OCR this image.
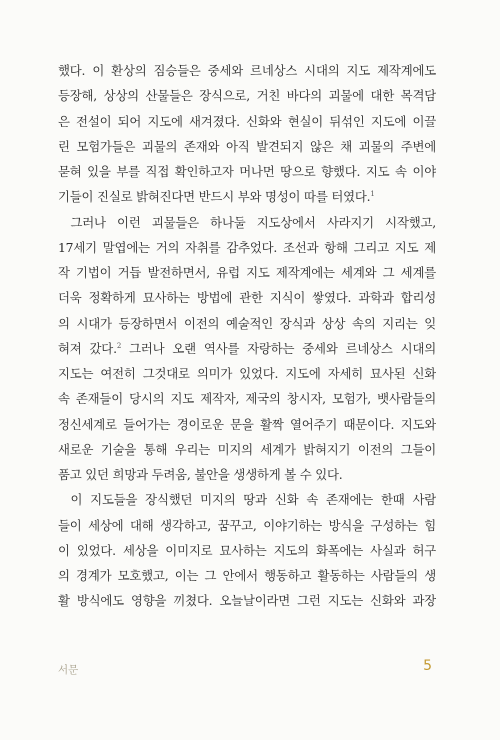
했다. 이 환상의 짐승들은 중세와 르네상스 시대의 지도 제작계에도
등장해, 상상의 산물들은 장식으로, 거친 바다의 괴물에 대한 목격담
은 전설이 되어 지도에 새겨졌다. 신화와 현실이 뒤섞인 지도에 이끌
린 모험가들은 괴물의 존재와 아직 발견되지 않은 채 괴물의 주변에
묻혀 있을 부를 직접 확인하고자 머나먼 땅으로 향했다. 지도 속 이야
기들이 진실로 밝혀진다면 반드시 부와 명성이 따를 터였다.$^1$
그러나 이런 괴물들은 하나둘 지도상에서 사라지기 시작했고,
17세기 말엽에는 거의 자취를 감추었다. 조선과 항해 그리고 지도 제
작 기법이 거듭 발전하면서, 유럽 지도 제작계에는 세계와 그 세계를
더욱 정확하게 묘사하는 방법에 관한 지식이 쌓였다. 과학과 합리성
의 시대가 등장하면서 이전의 예술적인 장식과 상상 속의 지리는 잊
혀져 갔다.$^2$ 그러나 오랜 역사를 자랑하는 중세와 르네상스 시대의
지도는 여전히 그것대로 의미가 있었다. 지도에 자세히 묘사된 신화
속 존재들이 당시의 지도 제작자, 제국의 창시자, 모험가, 뱃사람들의
정신세계로 들어가는 경이로운 문을 활짝 열어주기 때문이다. 지도와
새로운 기술을 통해 우리는 미지의 세계가 밝혀지기 이전의 그들이
품고 있던 희망과 두려움, 불안을 생생하게 볼 수 있다.
이 지도들을 장식했던 미지의 땅과 신화 속 존재에는 한때 사람
들이 세상에 대해 생각하고, 꿈꾸고, 이야기하는 방식을 구성하는 힘
이 있었다. 세상을 이미지로 묘사하는 지도의 화폭에는 사실과 허구
의 경계가 모호했고, 이는 그 안에서 행동하고 활동하는 사람들의 생
활 방식에도 영향을 끼쳤다. 오늘날이라면 그런 지도는 신화와 과장
서문	5
